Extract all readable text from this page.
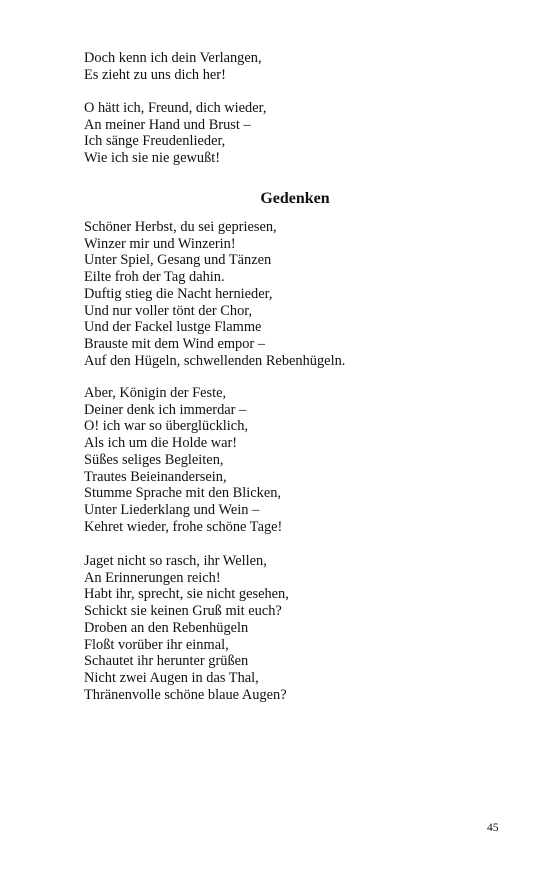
Doch kenn ich dein Verlangen,
Es zieht zu uns dich her!
O hätt ich, Freund, dich wieder,
An meiner Hand und Brust –
Ich sänge Freudenlieder,
Wie ich sie nie gewußt!
Gedenken
Schöner Herbst, du sei gepriesen,
Winzer mir und Winzerin!
Unter Spiel, Gesang und Tänzen
Eilte froh der Tag dahin.
Duftig stieg die Nacht hernieder,
Und nur voller tönt der Chor,
Und der Fackel lustge Flamme
Brauste mit dem Wind empor –
Auf den Hügeln, schwellenden Rebenhügeln.
Aber, Königin der Feste,
Deiner denk ich immerdar –
O! ich war so überglücklich,
Als ich um die Holde war!
Süßes seliges Begleiten,
Trautes Beieinandersein,
Stumme Sprache mit den Blicken,
Unter Liederklang und Wein –
Kehret wieder, frohe schöne Tage!
Jaget nicht so rasch, ihr Wellen,
An Erinnerungen reich!
Habt ihr, sprecht, sie nicht gesehen,
Schickt sie keinen Gruß mit euch?
Droben an den Rebenhügeln
Floßt vorüber ihr einmal,
Schautet ihr herunter grüßen
Nicht zwei Augen in das Thal,
Thränenvolle schöne blaue Augen?
45
